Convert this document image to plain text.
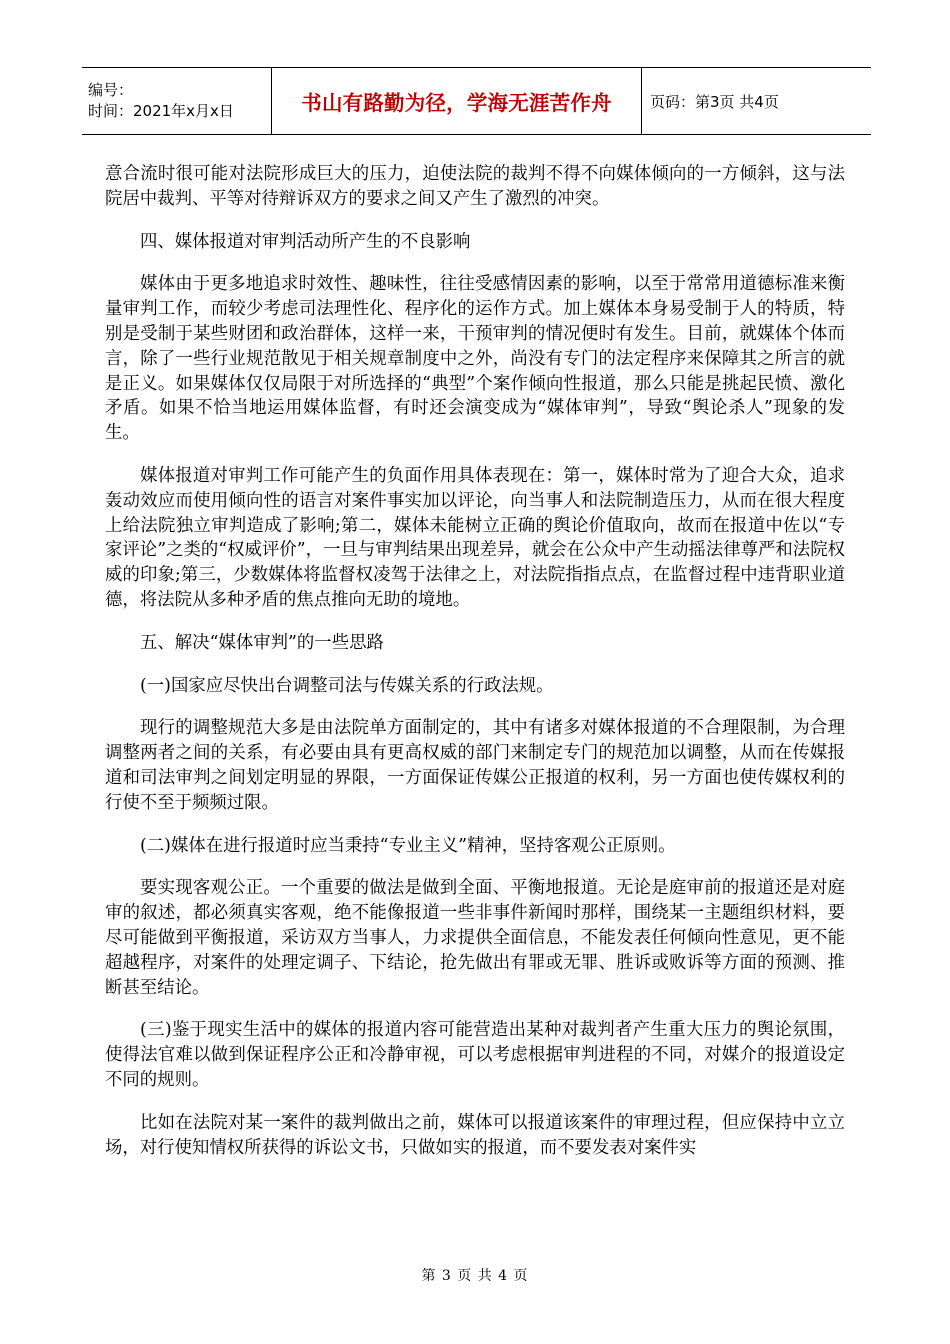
编号：
时间：2021年x月x日	书山有路勤为径，学海无涯苦作舟	页码：第3页 共4页

意合流时很可能对法院形成巨大的压力，迫使法院的裁判不得不向媒体倾向的一方倾斜，这与法院居中裁判、平等对待辩诉双方的要求之间又产生了激烈的冲突。

四、媒体报道对审判活动所产生的不良影响

媒体由于更多地追求时效性、趣味性，往往受感情因素的影响，以至于常常用道德标准来衡量审判工作，而较少考虑司法理性化、程序化的运作方式。加上媒体本身易受制于人的特质，特别是受制于某些财团和政治群体，这样一来，干预审判的情况便时有发生。目前，就媒体个体而言，除了一些行业规范散见于相关规章制度中之外，尚没有专门的法定程序来保障其之所言的就是正义。如果媒体仅仅局限于对所选择的“典型”个案作倾向性报道，那么只能是挑起民愤、激化矛盾。如果不恰当地运用媒体监督，有时还会演变成为“媒体审判”，导致“舆论杀人”现象的发生。

媒体报道对审判工作可能产生的负面作用具体表现在：第一，媒体时常为了迎合大众，追求轰动效应而使用倾向性的语言对案件事实加以评论，向当事人和法院制造压力，从而在很大程度上给法院独立审判造成了影响;第二，媒体未能树立正确的舆论价值取向，故而在报道中佐以“专家评论”之类的“权威评价”，一旦与审判结果出现差异，就会在公众中产生动摇法律尊严和法院权威的印象;第三，少数媒体将监督权凌驾于法律之上，对法院指指点点，在监督过程中违背职业道德，将法院从多种矛盾的焦点推向无助的境地。

五、解决“媒体审判”的一些思路

(一)国家应尽快出台调整司法与传媒关系的行政法规。

现行的调整规范大多是由法院单方面制定的，其中有诸多对媒体报道的不合理限制，为合理调整两者之间的关系，有必要由具有更高权威的部门来制定专门的规范加以调整，从而在传媒报道和司法审判之间划定明显的界限，一方面保证传媒公正报道的权利，另一方面也使传媒权利的行使不至于频频过限。

(二)媒体在进行报道时应当秉持“专业主义”精神，坚持客观公正原则。

要实现客观公正。一个重要的做法是做到全面、平衡地报道。无论是庭审前的报道还是对庭审的叙述，都必须真实客观，绝不能像报道一些非事件新闻时那样，围绕某一主题组织材料，要尽可能做到平衡报道，采访双方当事人，力求提供全面信息，不能发表任何倾向性意见，更不能超越程序，对案件的处理定调子、下结论，抢先做出有罪或无罪、胜诉或败诉等方面的预测、推断甚至结论。

(三)鉴于现实生活中的媒体的报道内容可能营造出某种对裁判者产生重大压力的舆论氛围，使得法官难以做到保证程序公正和冷静审视，可以考虑根据审判进程的不同，对媒介的报道设定不同的规则。

比如在法院对某一案件的裁判做出之前，媒体可以报道该案件的审理过程，但应保持中立立场，对行使知情权所获得的诉讼文书，只做如实的报道，而不要发表对案件实

第 3 页 共 4 页
